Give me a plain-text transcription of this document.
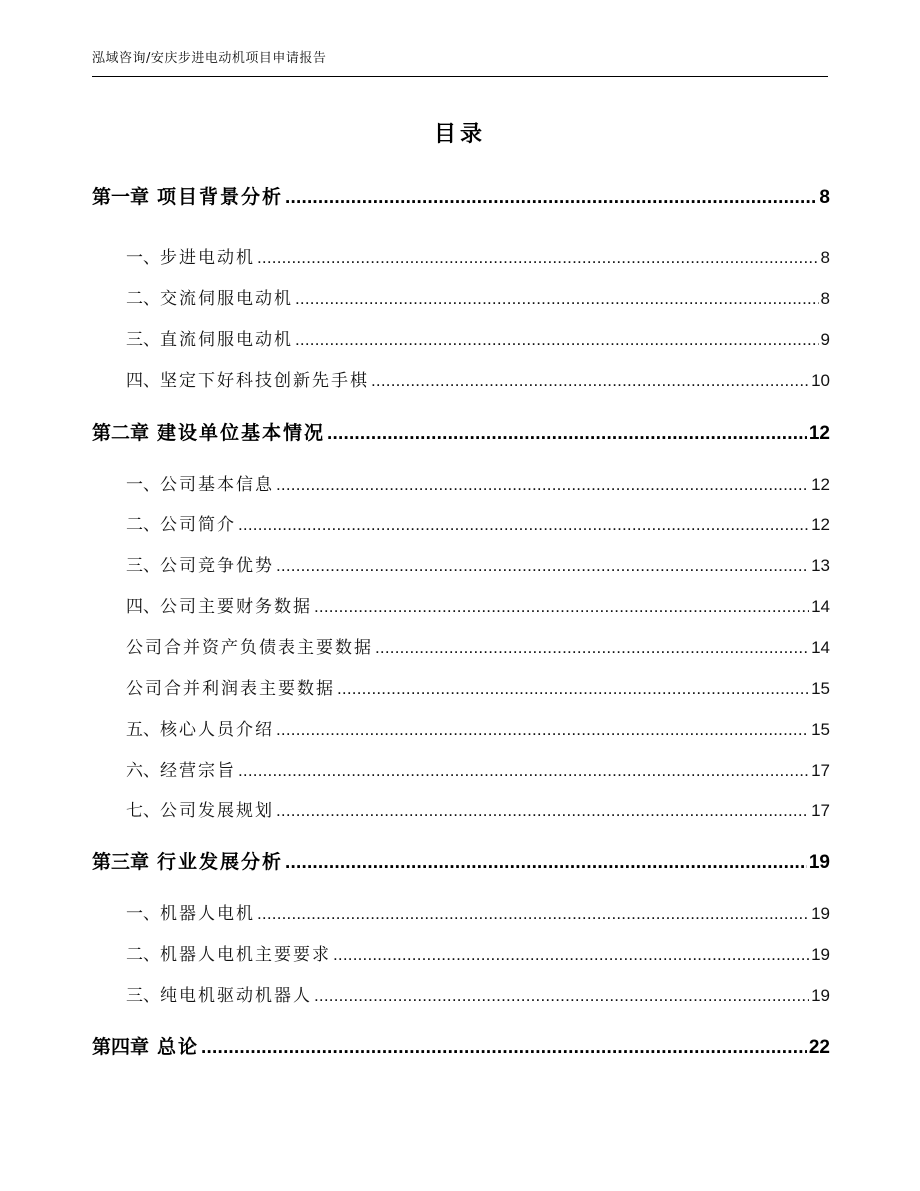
泓域咨询/安庆步进电动机项目申请报告
目录
第一章 项目背景分析 .....	8
一、 步进电动机 .....	8
二、 交流伺服电动机 .....	8
三、 直流伺服电动机 .....	9
四、 坚定下好科技创新先手棋 .....	10
第二章 建设单位基本情况 .....	12
一、 公司基本信息 .....	12
二、 公司简介 .....	12
三、 公司竞争优势 .....	13
四、 公司主要财务数据 .....	14
公司合并资产负债表主要数据 .....	14
公司合并利润表主要数据 .....	15
五、 核心人员介绍 .....	15
六、 经营宗旨 .....	17
七、 公司发展规划 .....	17
第三章 行业发展分析 .....	19
一、 机器人电机 .....	19
二、 机器人电机主要要求 .....	19
三、 纯电机驱动机器人 .....	19
第四章 总论 .....	22
